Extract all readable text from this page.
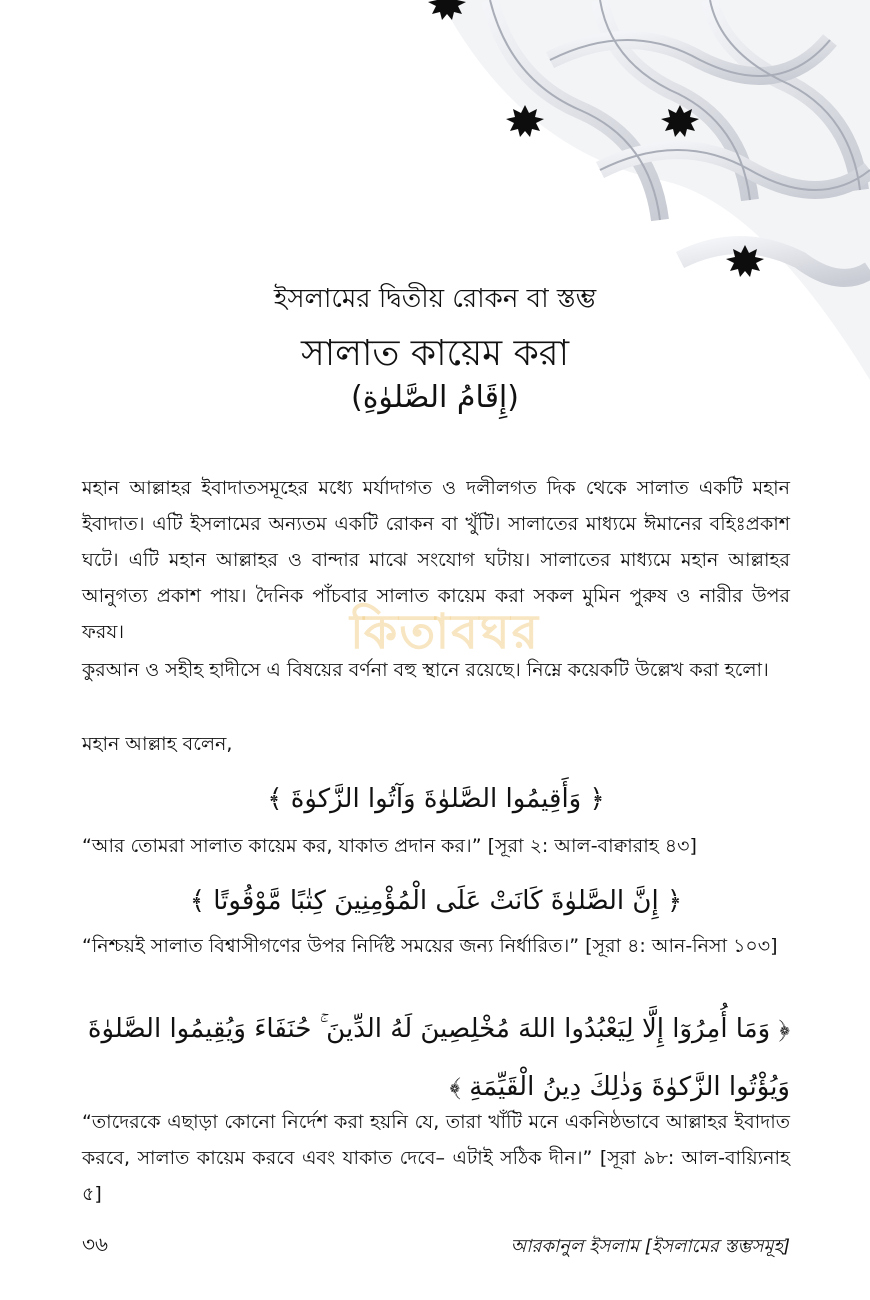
ইসলামের দ্বিতীয় রোকন বা স্তম্ভ
সালাত কায়েম করা
(إِقَامُ الصَّلوٰةِ)
মহান আল্লাহর ইবাদাতসমূহের মধ্যে মর্যাদাগত ও দলীলগত দিক থেকে সালাত একটি মহান ইবাদাত। এটি ইসলামের অন্যতম একটি রোকন বা খুঁটি। সালাতের মাধ্যমে ঈমানের বহিঃপ্রকাশ ঘটে। এটি মহান আল্লাহর ও বান্দার মাঝে সংযোগ ঘটায়। সালাতের মাধ্যমে মহান আল্লাহর আনুগত্য প্রকাশ পায়। দৈনিক পাঁচবার সালাত কায়েম করা সকল মুমিন পুরুষ ও নারীর উপর ফরয।
কুরআন ও সহীহ হাদীসে এ বিষয়ের বর্ণনা বহু স্থানে রয়েছে। নিম্নে কয়েকটি উল্লেখ করা হলো।
মহান আল্লাহ বলেন,
﴿ وَأَقِيمُوا الصَّلوٰةَ وَآتُوا الزَّكوٰةَ ﴾
“আর তোমরা সালাত কায়েম কর, যাকাত প্রদান কর।” [সূরা ২: আল-বাক্বারাহ ৪৩]
﴿ إِنَّ الصَّلوٰةَ كَانَتْ عَلَى الْمُؤْمِنِينَ كِتٰبًا مَّوْقُوتًا ﴾
“নিশ্চয়ই সালাত বিশ্বাসীগণের উপর নির্দিষ্ট সময়ের জন্য নির্ধারিত।” [সূরা ৪: আন-নিসা ১০৩]
﴿ وَمَا أُمِرُوٓا إِلَّا لِيَعْبُدُوا اللهَ مُخْلِصِينَ لَهُ الدِّينَ ۚ حُنَفَاءَ وَيُقِيمُوا الصَّلوٰةَ وَيُؤْتُوا الزَّكوٰةَ وَذٰلِكَ دِينُ الْقَيِّمَةِ ﴾
“তাদেরকে এছাড়া কোনো নির্দেশ করা হয়নি যে, তারা খাঁটি মনে একনিষ্ঠভাবে আল্লাহর ইবাদাত করবে, সালাত কায়েম করবে এবং যাকাত দেবে– এটাই সঠিক দীন।” [সূরা ৯৮: আল-বায়্যিনাহ ৫]
কিতাবঘর
৩৬	আরকানুল ইসলাম [ইসলামের স্তম্ভসমূহ]
